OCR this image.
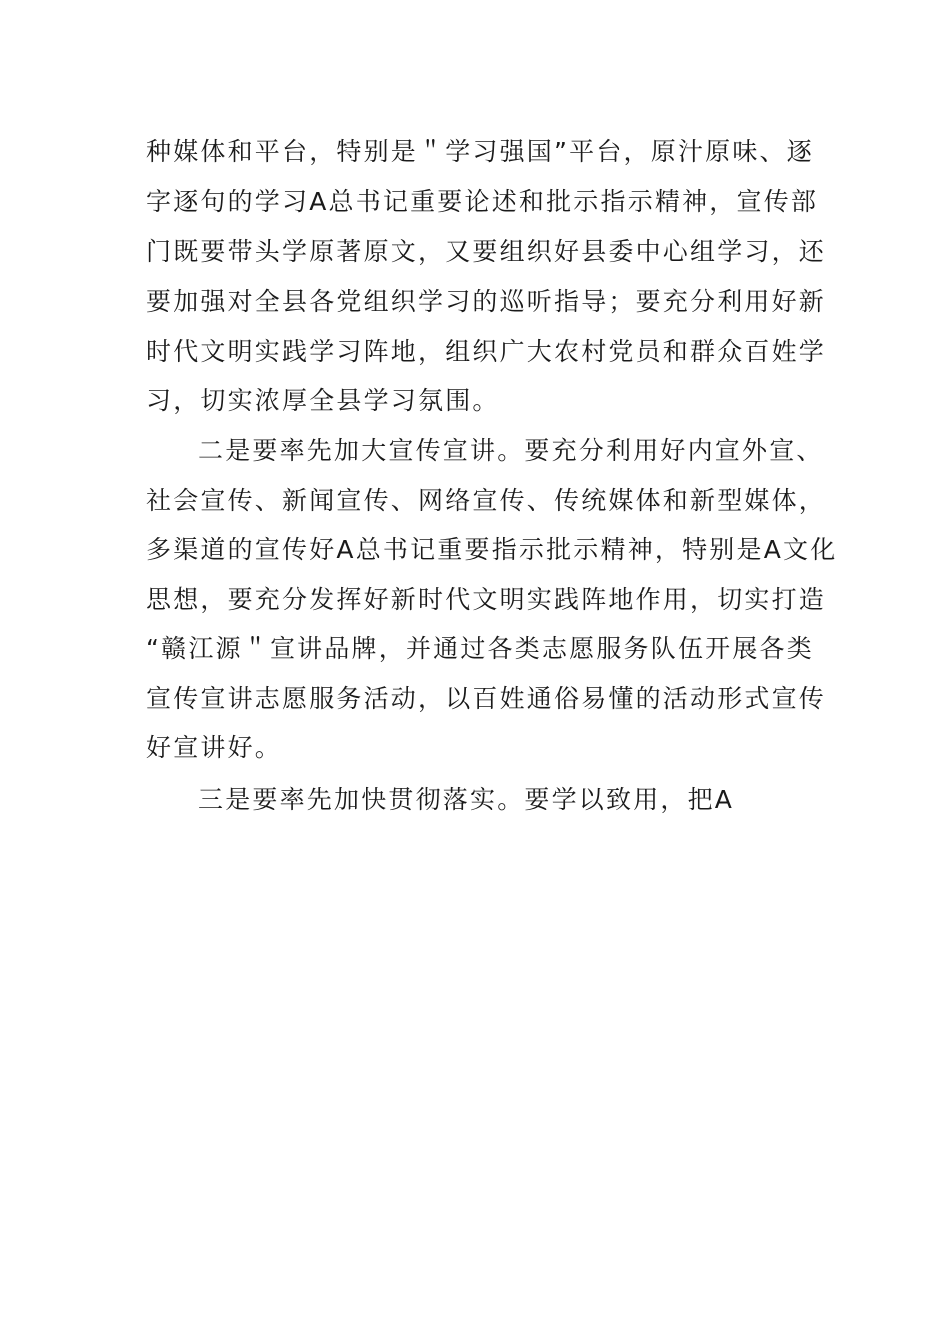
种媒体和平台，特别是＂学习强国”平台，原汁原味、逐
字逐句的学习A总书记重要论述和批示指示精神，宣传部
门既要带头学原著原文，又要组织好县委中心组学习，还
要加强对全县各党组织学习的巡听指导；要充分利用好新
时代文明实践学习阵地，组织广大农村党员和群众百姓学
习，切实浓厚全县学习氛围。
二是要率先加大宣传宣讲。要充分利用好内宣外宣、
社会宣传、新闻宣传、网络宣传、传统媒体和新型媒体，
多渠道的宣传好A总书记重要指示批示精神，特别是A文化
思想，要充分发挥好新时代文明实践阵地作用，切实打造
“赣江源＂宣讲品牌，并通过各类志愿服务队伍开展各类
宣传宣讲志愿服务活动，以百姓通俗易懂的活动形式宣传
好宣讲好。
三是要率先加快贯彻落实。要学以致用，把A
